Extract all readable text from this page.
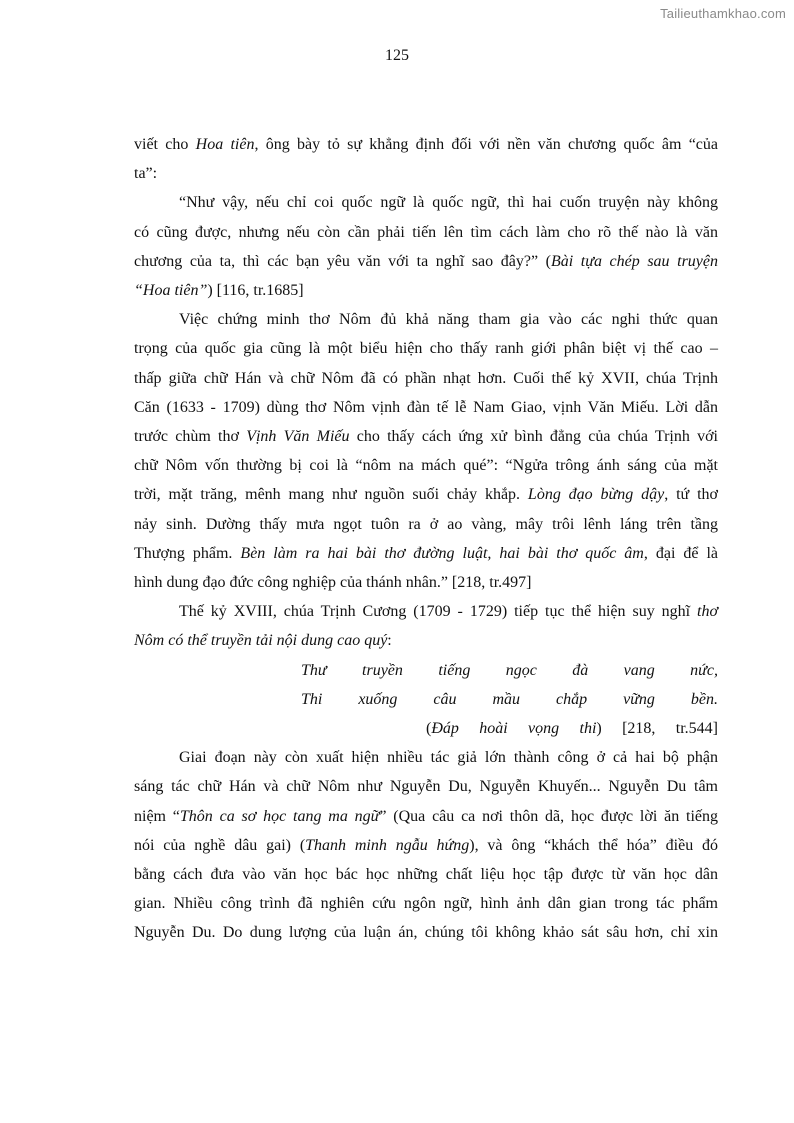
Tailieuthamkhao.com
125

viết cho Hoa tiên, ông bày tỏ sự khẳng định đối với nền văn chương quốc âm “của

ta”:

“Như vậy, nếu chỉ coi quốc ngữ là quốc ngữ, thì hai cuốn truyện này không

có cũng được, nhưng nếu còn cần phải tiến lên tìm cách làm cho rõ thế nào là văn

chương của ta, thì các bạn yêu văn với ta nghĩ sao đây?” (Bài tựa chép sau truyện

“Hoa tiên”) [116, tr.1685]

Việc chứng minh thơ Nôm đủ khả năng tham gia vào các nghi thức quan

trọng của quốc gia cũng là một biểu hiện cho thấy ranh giới phân biệt vị thế cao –

thấp giữa chữ Hán và chữ Nôm đã có phần nhạt hơn. Cuối thế kỷ XVII, chúa Trịnh

Căn (1633 - 1709) dùng thơ Nôm vịnh đàn tế lễ Nam Giao, vịnh Văn Miếu. Lời dẫn

trước chùm thơ Vịnh Văn Miếu cho thấy cách ứng xử bình đẳng của chúa Trịnh với

chữ Nôm vốn thường bị coi là “nôm na mách qué”: “Ngửa trông ánh sáng của mặt

trời, mặt trăng, mênh mang như nguồn suối chảy khắp. Lòng đạo bừng dậy, tứ thơ

nảy sinh. Dường thấy mưa ngọt tuôn ra ở ao vàng, mây trôi lênh láng trên tầng

Thượng phẩm. Bèn làm ra hai bài thơ đường luật, hai bài thơ quốc âm, đại để là

hình dung đạo đức công nghiệp của thánh nhân.” [218, tr.497]

Thế kỷ XVIII, chúa Trịnh Cương (1709 - 1729) tiếp tục thể hiện suy nghĩ thơ

Nôm có thể truyền tải nội dung cao quý:

Thư truyền tiếng ngọc đà vang nức,

Thi xuống câu mầu chắp vững bền.

(Đáp hoài vọng thi) [218, tr.544]

Giai đoạn này còn xuất hiện nhiều tác giả lớn thành công ở cả hai bộ phận

sáng tác chữ Hán và chữ Nôm như Nguyễn Du, Nguyễn Khuyến... Nguyễn Du tâm

niệm “Thôn ca sơ học tang ma ngữ” (Qua câu ca nơi thôn dã, học được lời ăn tiếng

nói của nghề dâu gai) (Thanh minh ngẫu hứng), và ông “khách thể hóa” điều đó

bằng cách đưa vào văn học bác học những chất liệu học tập được từ văn học dân

gian. Nhiều công trình đã nghiên cứu ngôn ngữ, hình ảnh dân gian trong tác phẩm

Nguyễn Du. Do dung lượng của luận án, chúng tôi không khảo sát sâu hơn, chỉ xin
